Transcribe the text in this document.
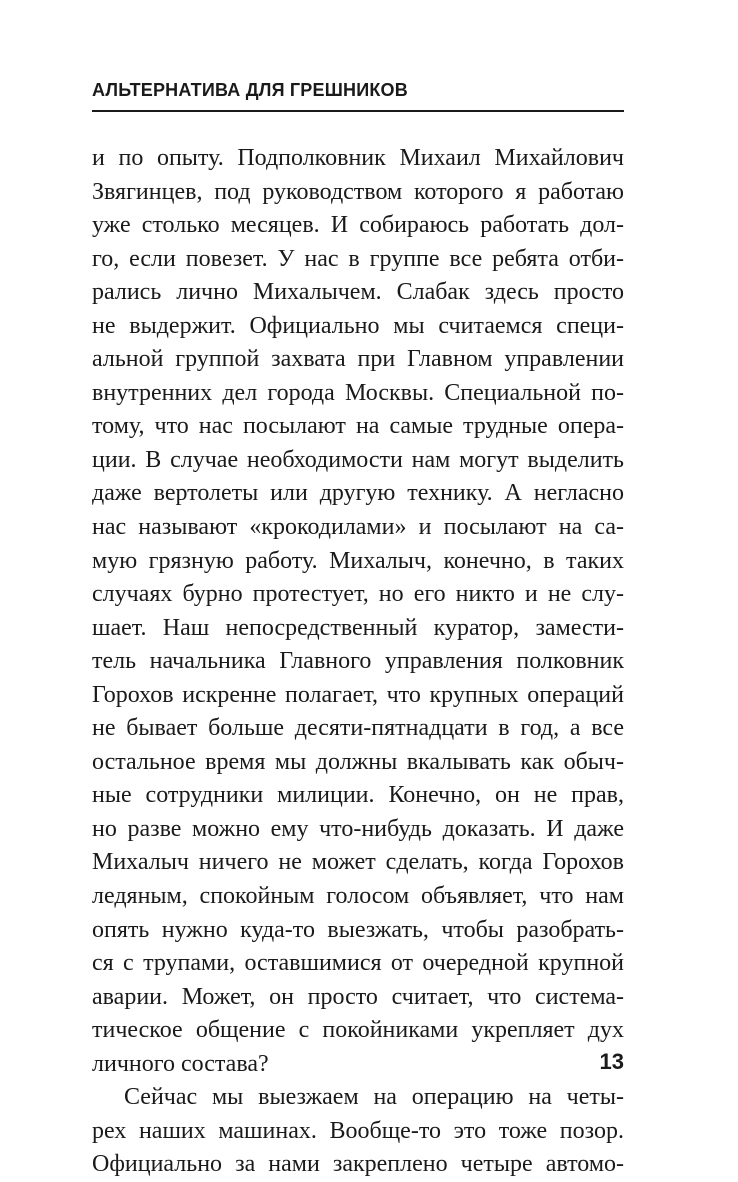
АЛЬТЕРНАТИВА ДЛЯ ГРЕШНИКОВ
и по опыту. Подполковник Михаил Михайлович
Звягинцев, под руководством которого я работаю
уже столько месяцев. И собираюсь работать дол-
го, если повезет. У нас в группе все ребята отби-
рались лично Михалычем. Слабак здесь просто
не выдержит. Официально мы считаемся специ-
альной группой захвата при Главном управлении
внутренних дел города Москвы. Специальной по-
тому, что нас посылают на самые трудные опера-
ции. В случае необходимости нам могут выделить
даже вертолеты или другую технику. А негласно
нас называют «крокодилами» и посылают на са-
мую грязную работу. Михалыч, конечно, в таких
случаях бурно протестует, но его никто и не слу-
шает. Наш непосредственный куратор, замести-
тель начальника Главного управления полковник
Горохов искренне полагает, что крупных операций
не бывает больше десяти-пятнадцати в год, а все
остальное время мы должны вкалывать как обыч-
ные сотрудники милиции. Конечно, он не прав,
но разве можно ему что-нибудь доказать. И даже
Михалыч ничего не может сделать, когда Горохов
ледяным, спокойным голосом объявляет, что нам
опять нужно куда-то выезжать, чтобы разобрать-
ся с трупами, оставшимися от очередной крупной
аварии. Может, он просто считает, что система-
тическое общение с покойниками укрепляет дух
личного состава?
Сейчас мы выезжаем на операцию на четы-
рех наших машинах. Вообще-то это тоже позор.
Официально за нами закреплено четыре автомо-
13
